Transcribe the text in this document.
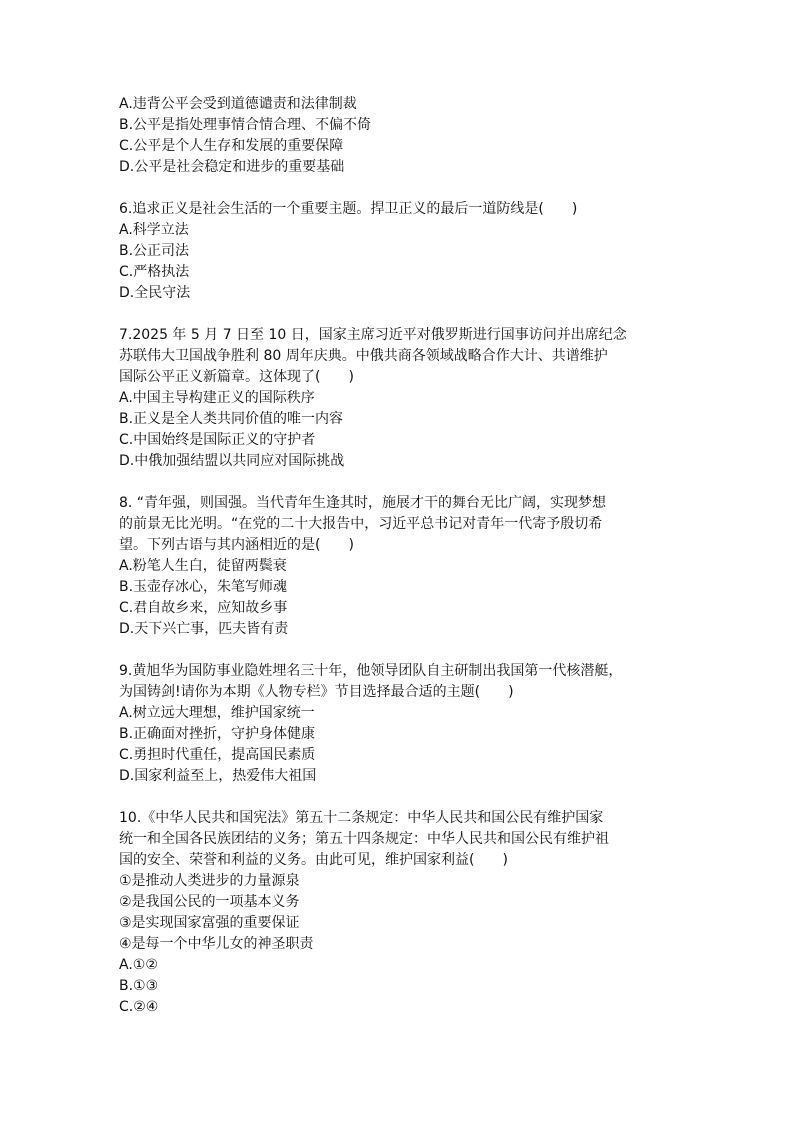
A.违背公平会受到道德谴责和法律制裁
B.公平是指处理事情合情合理、不偏不倚
C.公平是个人生存和发展的重要保障
D.公平是社会稳定和进步的重要基础
6.追求正义是社会生活的一个重要主题。捍卫正义的最后一道防线是(　　)
A.科学立法
B.公正司法
C.严格执法
D.全民守法
7.2025 年 5 月 7 日至 10 日，国家主席习近平对俄罗斯进行国事访问并出席纪念
苏联伟大卫国战争胜利 80 周年庆典。中俄共商各领域战略合作大计、共谱维护
国际公平正义新篇章。这体现了(　　)
A.中国主导构建正义的国际秩序
B.正义是全人类共同价值的唯一内容
C.中国始终是国际正义的守护者
D.中俄加强结盟以共同应对国际挑战
8. “青年强，则国强。当代青年生逢其时，施展才干的舞台无比广阔，实现梦想
的前景无比光明。“在党的二十大报告中，习近平总书记对青年一代寄予殷切希
望。下列古语与其内涵相近的是(　　)
A.粉笔人生白，徒留两鬓衰
B.玉壶存冰心，朱笔写师魂
C.君自故乡来，应知故乡事
D.天下兴亡事，匹夫皆有责
9.黄旭华为国防事业隐姓埋名三十年，他领导团队自主研制出我国第一代核潜艇，
为国铸剑!请你为本期《人物专栏》节目选择最合适的主题(　　)
A.树立远大理想，维护国家统一
B.正确面对挫折，守护身体健康
C.勇担时代重任，提高国民素质
D.国家利益至上，热爱伟大祖国
10.《中华人民共和国宪法》第五十二条规定：中华人民共和国公民有维护国家
统一和全国各民族团结的义务；第五十四条规定：中华人民共和国公民有维护祖
国的安全、荣誉和利益的义务。由此可见，维护国家利益(　　)
①是推动人类进步的力量源泉
②是我国公民的一项基本义务
③是实现国家富强的重要保证
④是每一个中华儿女的神圣职责
A.①②
B.①③
C.②④
